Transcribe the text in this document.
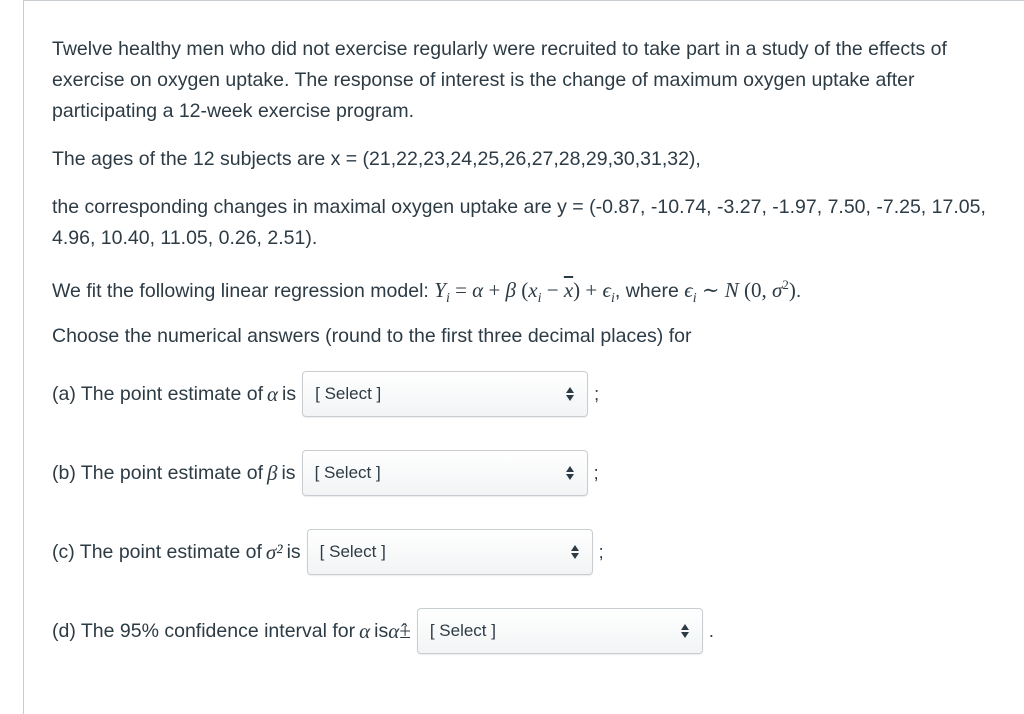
Twelve healthy men who did not exercise regularly were recruited to take part in a study of the effects of exercise on oxygen uptake. The response of interest is the change of maximum oxygen uptake after participating a 12-week exercise program.

The ages of the 12 subjects are x = (21,22,23,24,25,26,27,28,29,30,31,32),

the corresponding changes in maximal oxygen uptake are y = (-0.87, -10.74, -3.27, -1.97, 7.50, -7.25, 17.05, 4.96, 10.40, 11.05, 0.26, 2.51).

We fit the following linear regression model: $Y_i = \alpha + \beta$ $(x_i - \overline{x}) + \epsilon_i$, where $\epsilon_i$ ∼ N (0, $\sigma^2$).

Choose the numerical answers (round to the first three decimal places) for

(a) The point estimate of α is [ Select ]	;
(b) The point estimate of β is [ Select ]	;
(c) The point estimate of σ² is [ Select ]	;
(d) The 95% confidence interval for α is α̂± [ Select ]	.
